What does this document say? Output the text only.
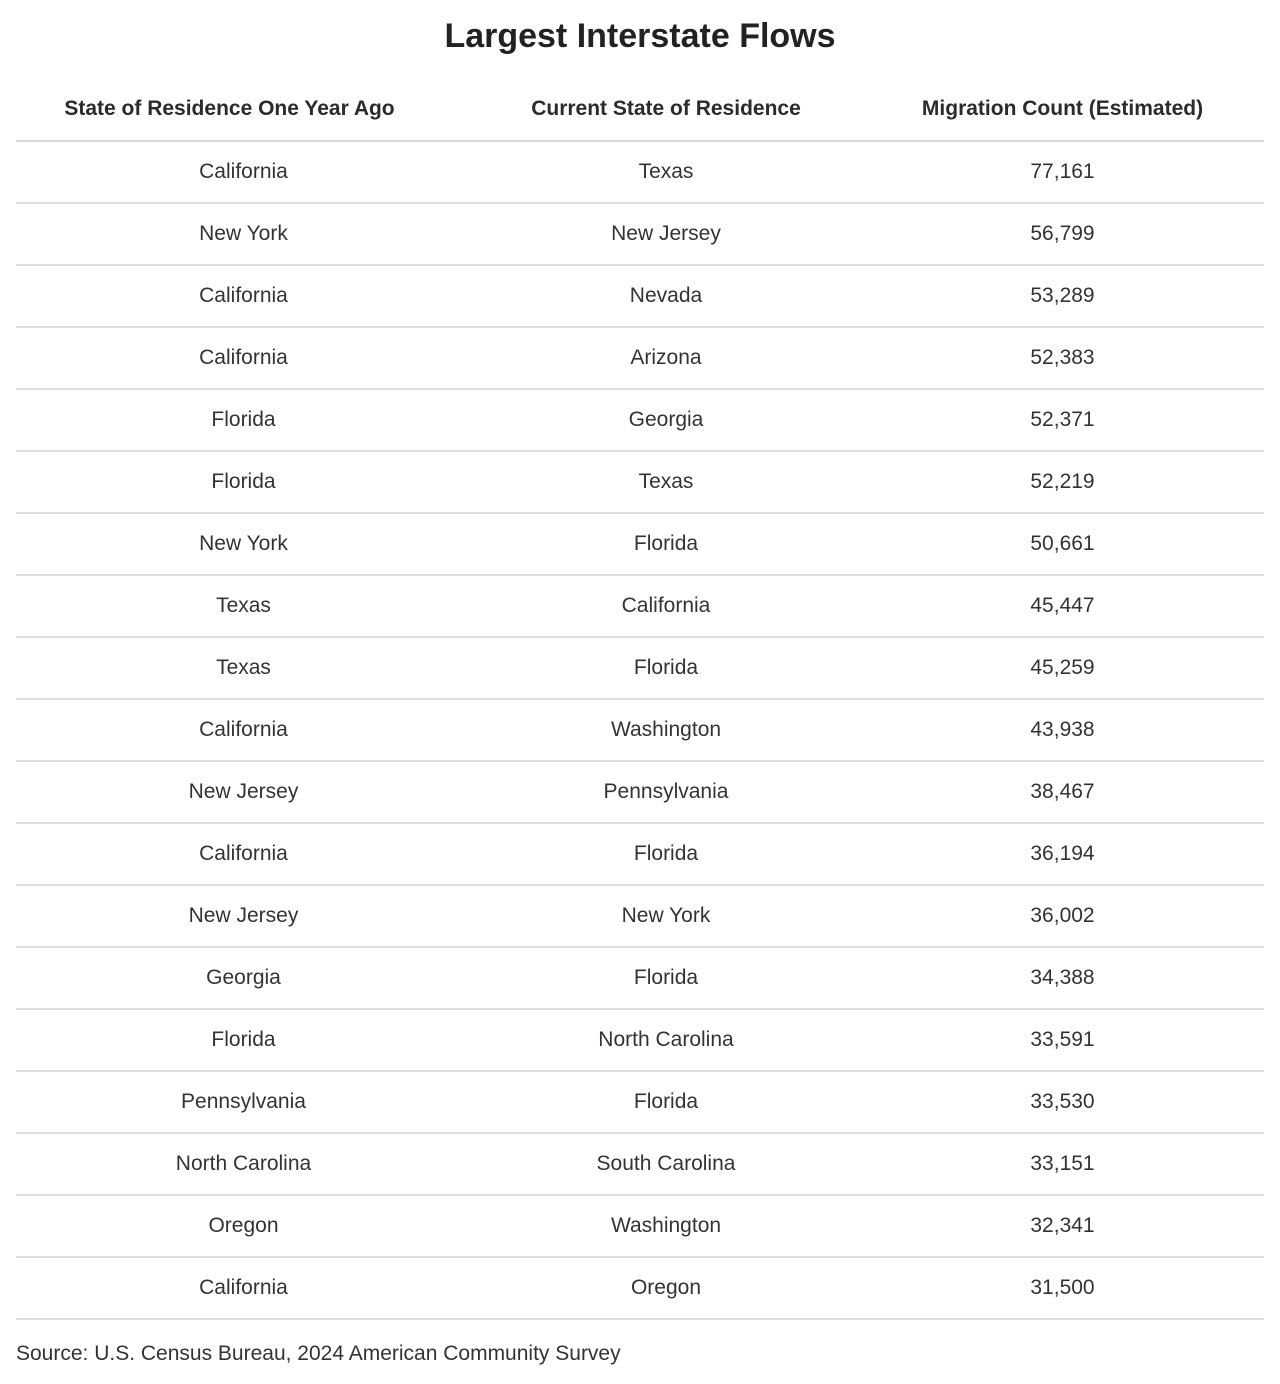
Largest Interstate Flows
State of Residence One Year Ago	Current State of Residence	Migration Count (Estimated)
California	Texas	77,161
New York	New Jersey	56,799
California	Nevada	53,289
California	Arizona	52,383
Florida	Georgia	52,371
Florida	Texas	52,219
New York	Florida	50,661
Texas	California	45,447
Texas	Florida	45,259
California	Washington	43,938
New Jersey	Pennsylvania	38,467
California	Florida	36,194
New Jersey	New York	36,002
Georgia	Florida	34,388
Florida	North Carolina	33,591
Pennsylvania	Florida	33,530
North Carolina	South Carolina	33,151
Oregon	Washington	32,341
California	Oregon	31,500
Source: U.S. Census Bureau, 2024 American Community Survey
